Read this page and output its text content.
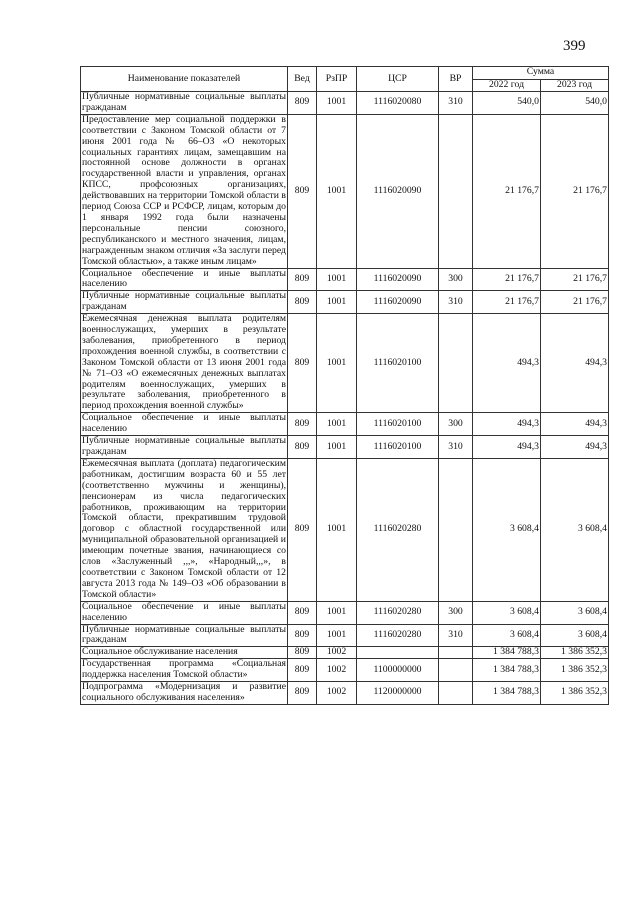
399
Наименование показателей	Вед	РзПР	ЦСР	ВР	Сумма	
					2022 год	2023 год
Публичные нормативные социальные выплаты гражданам	809	1001	1116020080	310	540,0	540,0
Предоставление мер социальной поддержки в соответствии с Законом Томской области от 7 июня 2001 года № 66–ОЗ «О некоторых социальных гарантиях лицам, замещавшим на постоянной основе должности в органах государственной власти и управления, органах КПСС, профсоюзных организациях, действовавших на территории Томской области в период Союза ССР и РСФСР, лицам, которым до 1 января 1992 года были назначены персональные пенсии союзного, республиканского и местного значения, лицам, награжденным знаком отличия «За заслуги перед Томской областью», а также иным лицам»	809	1001	1116020090		21 176,7	21 176,7
Социальное обеспечение и иные выплаты населению	809	1001	1116020090	300	21 176,7	21 176,7
Публичные нормативные социальные выплаты гражданам	809	1001	1116020090	310	21 176,7	21 176,7
Ежемесячная денежная выплата родителям военнослужащих, умерших в результате заболевания, приобретенного в период прохождения военной службы, в соответствии с Законом Томской области от 13 июня 2001 года № 71–ОЗ «О ежемесячных денежных выплатах родителям военнослужащих, умерших в результате заболевания, приобретенного в период прохождения военной службы»	809	1001	1116020100		494,3	494,3
Социальное обеспечение и иные выплаты населению	809	1001	1116020100	300	494,3	494,3
Публичные нормативные социальные выплаты гражданам	809	1001	1116020100	310	494,3	494,3
Ежемесячная выплата (доплата) педагогическим работникам, достигшим возраста 60 и 55 лет (соответственно мужчины и женщины), пенсионерам из числа педагогических работников, проживающим на территории Томской области, прекратившим трудовой договор с областной государственной или муниципальной образовательной организацией и имеющим почетные звания, начинающиеся со слов «Заслуженный ,,,», «Народный,,,», в соответствии с Законом Томской области от 12 августа 2013 года № 149–ОЗ «Об образовании в Томской области»	809	1001	1116020280		3 608,4	3 608,4
Социальное обеспечение и иные выплаты населению	809	1001	1116020280	300	3 608,4	3 608,4
Публичные нормативные социальные выплаты гражданам	809	1001	1116020280	310	3 608,4	3 608,4
Социальное обслуживание населения	809	1002			1 384 788,3	1 386 352,3
Государственная программа «Социальная поддержка населения Томской области»	809	1002	1100000000		1 384 788,3	1 386 352,3
Подпрограмма «Модернизация и развитие социального обслуживания населения»	809	1002	1120000000		1 384 788,3	1 386 352,3
